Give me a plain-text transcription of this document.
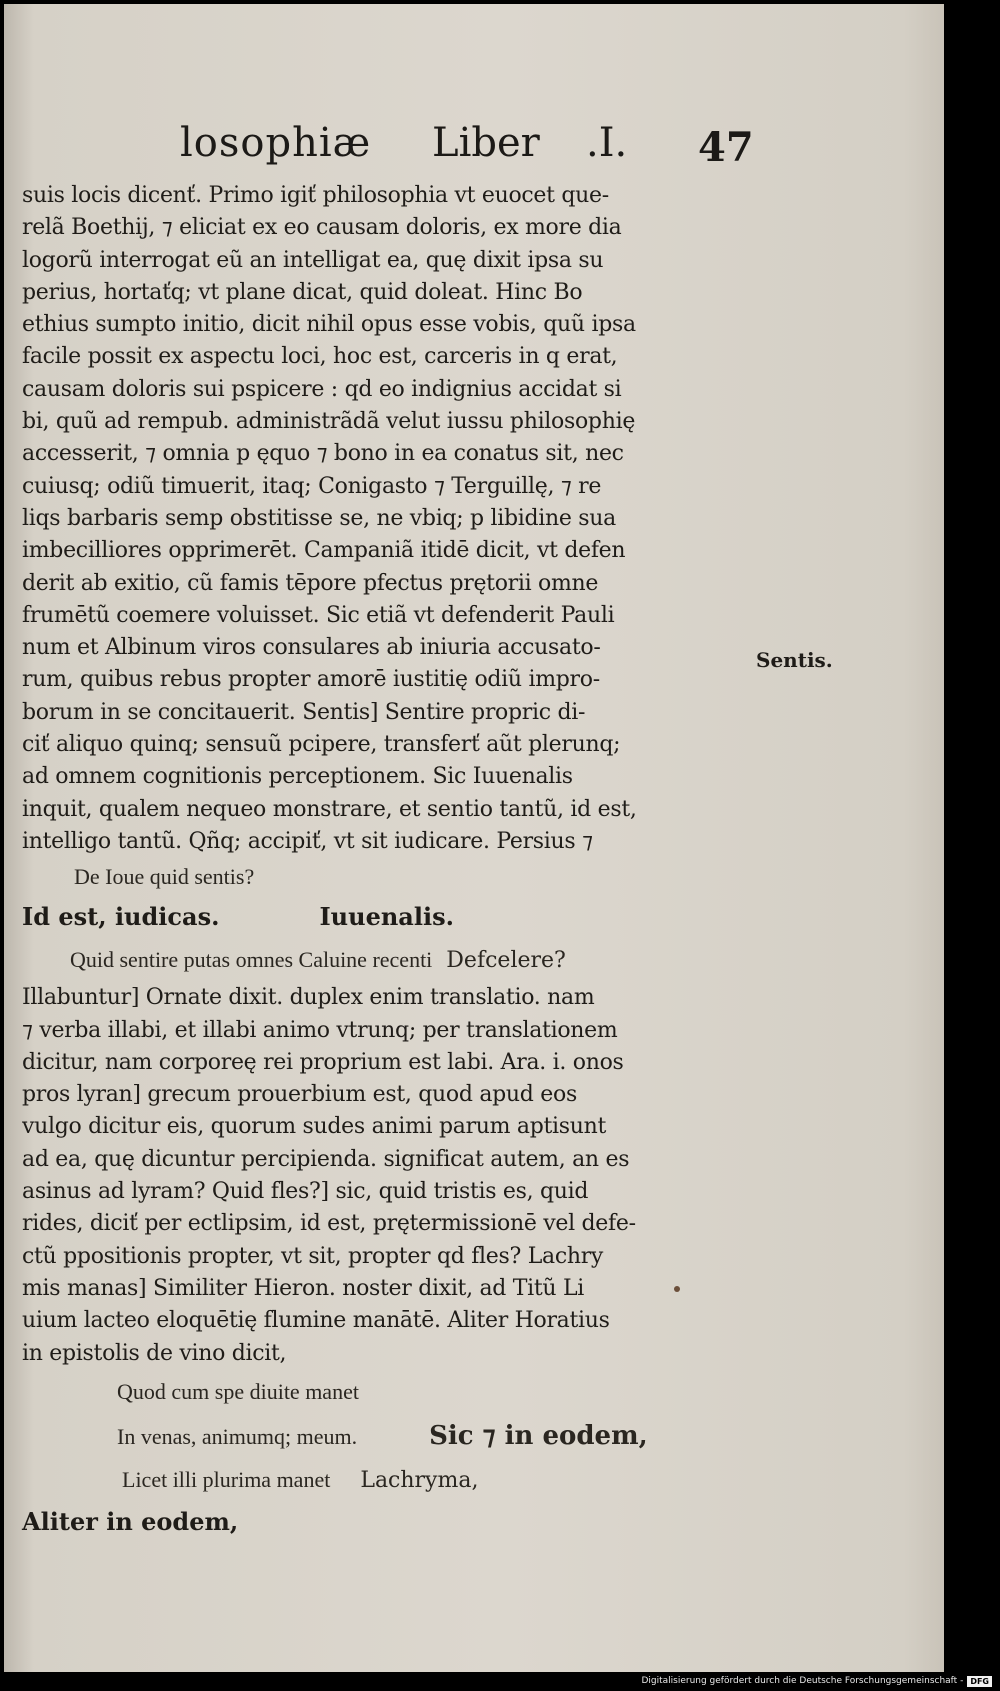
losophiæ Liber .I. 47
suis locis dicenť. Primo igiť philosophia vt euocet que-
relã Boethij, ⁊ eliciat ex eo causam doloris, ex more dia
logorũ interrogat eũ an intelligat ea, quę dixit ipsa su
perius, hortaťq; vt plane dicat, quid doleat. Hinc Bo
ethius sumpto initio, dicit nihil opus esse vobis, quũ ipsa
facile possit ex aspectu loci, hoc est, carceris in q erat,
causam doloris sui pspicere : qd eo indignius accidat si
bi, quũ ad rempub. administrãdã velut iussu philosophię
accesserit, ⁊ omnia p ęquo ⁊ bono in ea conatus sit, nec
cuiusq; odiũ timuerit, itaq; Conigasto ⁊ Terguillę, ⁊ re
liqs barbaris semp obstitisse se, ne vbiq; p libidine sua
imbecilliores opprimerēt. Campaniã itidē dicit, vt defen
derit ab exitio, cũ famis tēpore pfectus prętorii omne
frumētũ coemere voluisset. Sic etiã vt defenderit Pauli
num et Albinum viros consulares ab iniuria accusato-
rum, quibus rebus propter amorē iustitię odiũ impro-
borum in se concitauerit. Sentis] Sentire propric di-
ciť aliquo quinq; sensuũ pcipere, transferť aũt plerunq;
ad omnem cognitionis perceptionem. Sic Iuuenalis
inquit, qualem nequeo monstrare, et sentio tantũ, id est,
intelligo tantũ. Qñq; accipiť, vt sit iudicare. Persius ⁊
De Ioue quid sentis?
Id est, iudicas.	Iuuenalis.
Quid sentire putas omnes Caluine recenti Defcelere?
Illabuntur] Ornate dixit. duplex enim translatio. nam
⁊ verba illabi, et illabi animo vtrunq; per translationem
dicitur, nam corporeę rei proprium est labi. Ara. i. onos
pros lyran] grecum prouerbium est, quod apud eos
vulgo dicitur eis, quorum sudes animi parum aptisunt
ad ea, quę dicuntur percipienda. significat autem, an es
asinus ad lyram? Quid fles?] sic, quid tristis es, quid
rides, diciť per ectlipsim, id est, prętermissionē vel defe-
ctũ ppositionis propter, vt sit, propter qd fles? Lachry
mis manas] Similiter Hieron. noster dixit, ad Titũ Li
uium lacteo eloquētię flumine manātē. Aliter Horatius
in epistolis de vino dicit,
Quod cum spe diuite manet
In venas, animumq; meum.	Sic ⁊ in eodem,
Licet illi plurima manet Lachryma,
Aliter in eodem,
Sentis.
Digitalisierung gefördert durch die Deutsche Forschungsgemeinschaft - DFG
